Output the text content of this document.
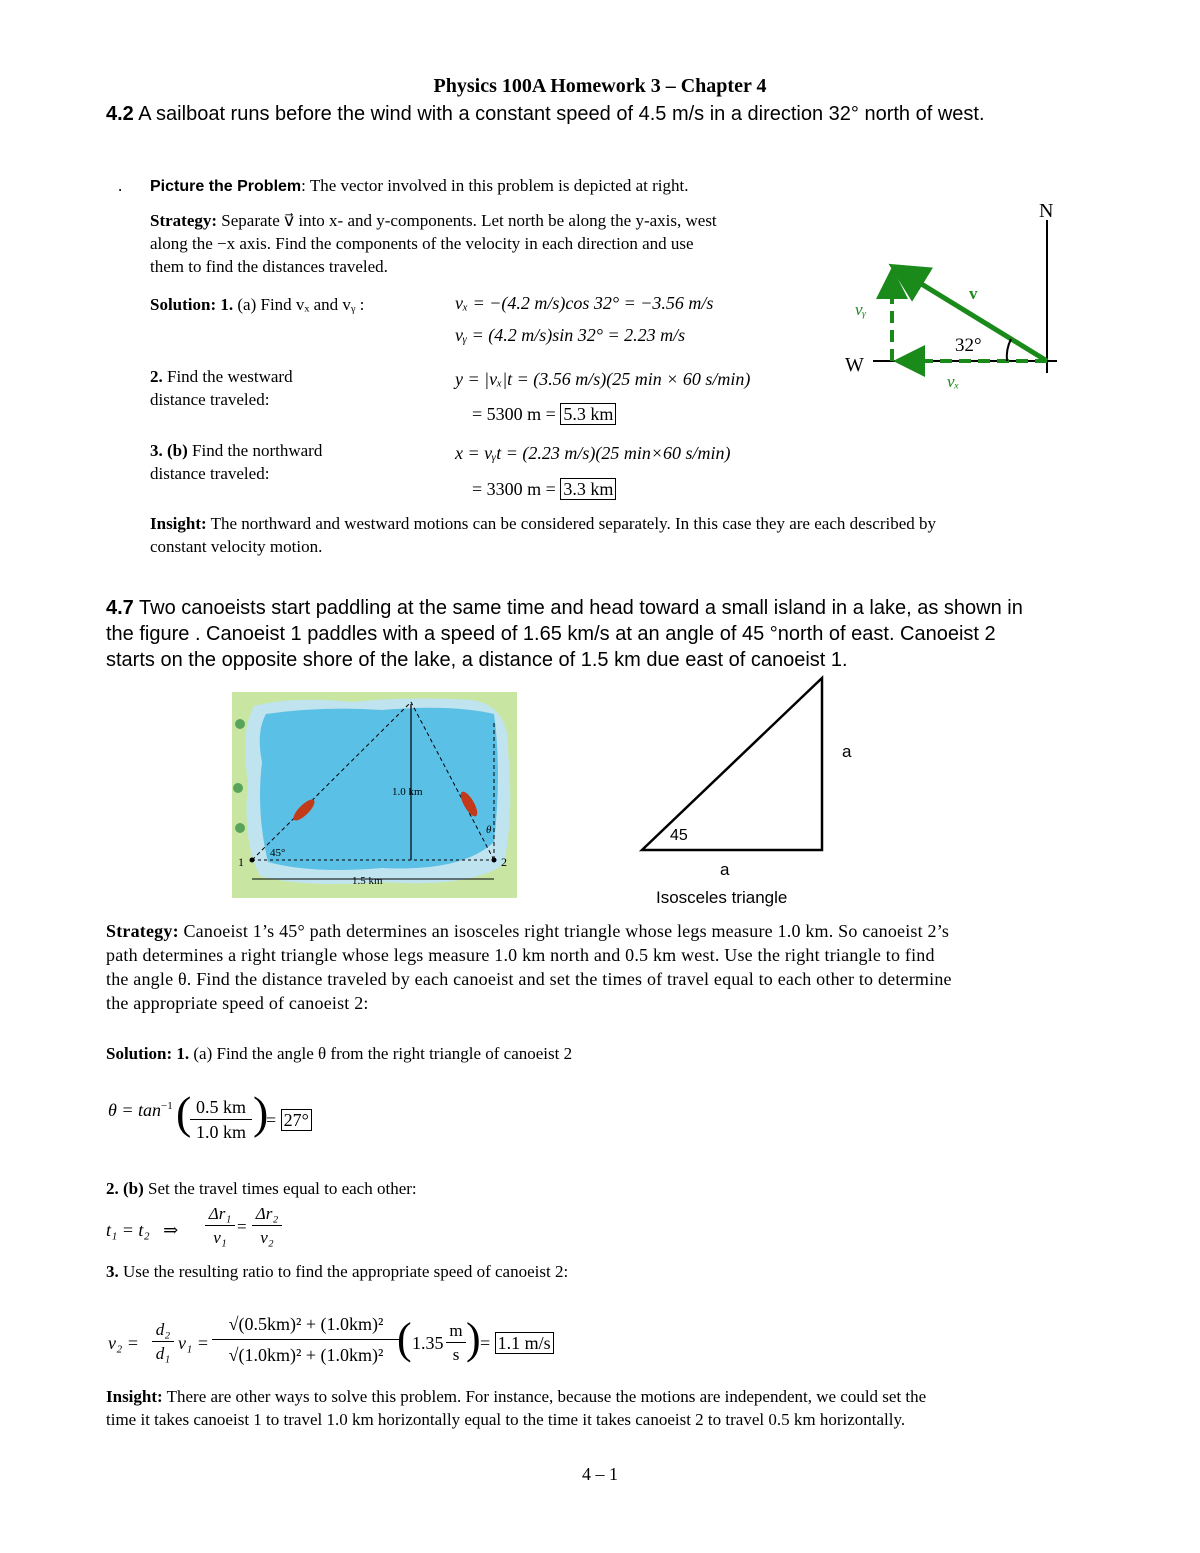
Physics 100A Homework 3 – Chapter 4
4.2 A sailboat runs before the wind with a constant speed of 4.5 m/s in a direction 32° north of west.
. Picture the Problem: The vector involved in this problem is depicted at right.
Strategy: Separate v⃗ into x- and y-components. Let north be along the y-axis, west
along the −x axis. Find the components of the velocity in each direction and use
them to find the distances traveled.
Solution: 1. (a) Find vₓ and vᵧ :	vₓ = −(4.2 m/s)cos 32° = −3.56 m/s
vᵧ = (4.2 m/s)sin 32° = 2.23 m/s
2. Find the westward
distance traveled:
y = |vₓ|t = (3.56 m/s)(25 min × 60 s/min)
= 5300 m = 5.3 km
3. (b) Find the northward
distance traveled:
x = vᵧt = (2.23 m/s)(25 min×60 s/min)
= 3300 m = 3.3 km
Insight: The northward and westward motions can be considered separately. In this case they are each described by
constant velocity motion.
N
W
v⃗
vᵧ
vₓ
32°
4.7 Two canoeists start paddling at the same time and head toward a small island in a lake, as shown in
the figure . Canoeist 1 paddles with a speed of 1.65 km/s at an angle of 45 °north of east. Canoeist 2
starts on the opposite shore of the lake, a distance of 1.5 km due east of canoeist 1.
1	2
1.0 km
1.5 km
45°
θ
a
a
45
Isosceles triangle
Strategy: Canoeist 1’s 45° path determines an isosceles right triangle whose legs measure 1.0 km. So canoeist 2’s
path determines a right triangle whose legs measure 1.0 km north and 0.5 km west. Use the right triangle to find
the angle θ. Find the distance traveled by each canoeist and set the times of travel equal to each other to determine
the appropriate speed of canoeist 2:
Solution: 1. (a) Find the angle θ from the right triangle of canoeist 2
$\theta = \tan^{-1}$ (
$\frac{0.5 km}{1.0 km}$ )
= 27°
2. (b) Set the travel times equal to each other:
t₁ = t₂   ⇒ $\frac{\text{Δr₁}}{\text{v₁}} = \frac{\text{Δr₂}}{\text{v₂}}$
3. Use the resulting ratio to find the appropriate speed of canoeist 2:
v₂ =
d₂
d₁
$v_1 = \frac{\text{√(0.5km)² + (1.0km)²}}{\text{√(1.0km)² + (1.0km)²}}$
( 1.35
m
s ) = 1.1 m/s
Insight: There are other ways to solve this problem. For instance, because the motions are independent, we could set the
time it takes canoeist 1 to travel 1.0 km horizontally equal to the time it takes canoeist 2 to travel 0.5 km horizontally.
4 – 1
